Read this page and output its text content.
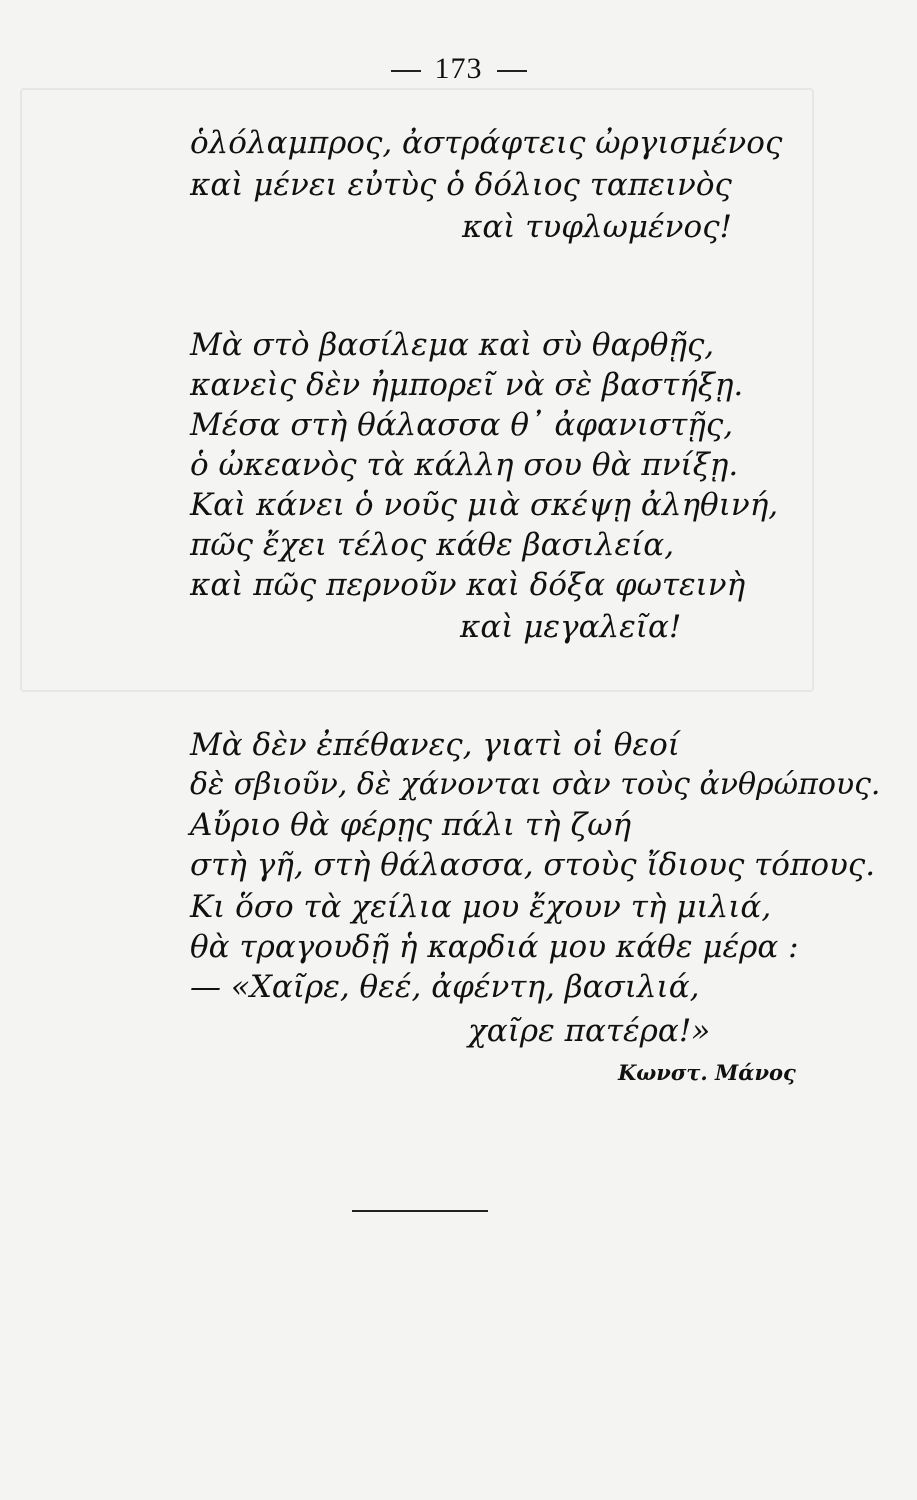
173
ὁλόλαμπρος, ἀστράφτεις ὠργισμένος
καὶ μένει εὐτὺς ὁ δόλιος ταπεινὸς
καὶ τυφλωμένος!
Μὰ στὸ βασίλεμα καὶ σὺ θαρθῇς,
κανεὶς δὲν ἠμπορεῖ νὰ σὲ βαστήξῃ.
Μέσα στὴ θάλασσα θ᾿ ἀφανιστῇς,
ὁ ὠκεανὸς τὰ κάλλη σου θὰ πνίξῃ.
Καὶ κάνει ὁ νοῦς μιὰ σκέψῃ ἀληθινή,
πῶς ἔχει τέλος κάθε βασιλεία,
καὶ πῶς περνοῦν καὶ δόξα φωτεινὴ
καὶ μεγαλεῖα!
Μὰ δὲν ἐπέθανες, γιατὶ οἱ θεοί
δὲ σβιοῦν, δὲ χάνονται σὰν τοὺς ἀνθρώπους.
Αὔριο θὰ φέρῃς πάλι τὴ ζωή
στὴ γῆ, στὴ θάλασσα, στοὺς ἴδιους τόπους.
Κι ὅσο τὰ χείλια μου ἔχουν τὴ μιλιά,
θὰ τραγουδῇ ἡ καρδιά μου κάθε μέρα :
— «Χαῖρε, θεέ, ἀφέντη, βασιλιά,
χαῖρε πατέρα!»
Κωνστ. Μάνος
